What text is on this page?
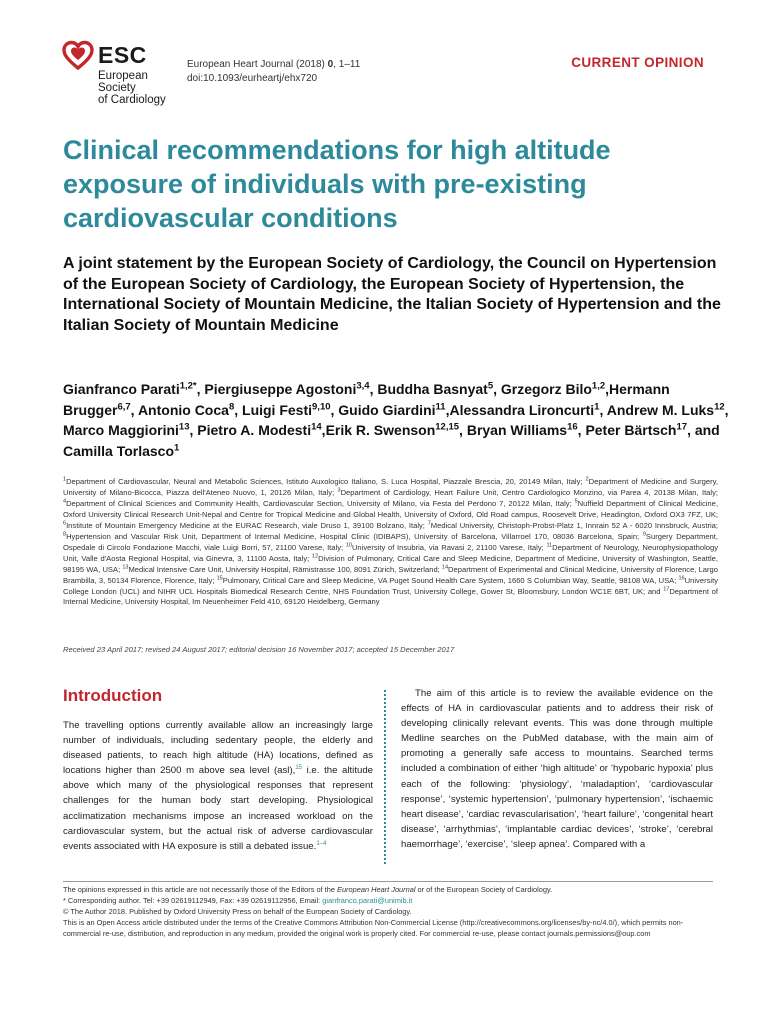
ESC
European Society
of Cardiology
European Heart Journal (2018) 0, 1–11
doi:10.1093/eurheartj/ehx720
CURRENT OPINION
Clinical recommendations for high altitude exposure of individuals with pre-existing cardiovascular conditions
A joint statement by the European Society of Cardiology, the Council on Hypertension of the European Society of Cardiology, the European Society of Hypertension, the International Society of Mountain Medicine, the Italian Society of Hypertension and the Italian Society of Mountain Medicine
Gianfranco Parati$^{1,2*}$, Piergiuseppe Agostoni$^{3,4}$, Buddha Basnyat$^5$, Grzegorz Bilo$^{1,2}$,Hermann Brugger$^{6,7}$, Antonio Coca$^8$, Luigi Festi$^{9,10}$, Guido Giardini$^{11}$,Alessandra Lironcurti$^1$, Andrew M. Luks$^{12}$, Marco Maggiorini$^{13}$, Pietro A. Modesti$^{14}$,Erik R. Swenson$^{12,15}$, Bryan Williams$^{16}$, Peter Bärtsch$^{17}$, and Camilla Torlasco$^1$
$^1$Department of Cardiovascular, Neural and Metabolic Sciences, Istituto Auxologico Italiano, S. Luca Hospital, Piazzale Brescia, 20, 20149 Milan, Italy; $^2$Department of Medicine and Surgery, University of Milano-Bicocca, Piazza dell'Ateneo Nuovo, 1, 20126 Milan, Italy; $^3$Department of Cardiology, Heart Failure Unit, Centro Cardiologico Monzino, via Parea 4, 20138 Milan, Italy; $^4$Department of Clinical Sciences and Community Health, Cardiovascular Section, University of Milano, via Festa del Perdono 7, 20122 Milan, Italy; $^5$Nuffield Department of Clinical Medicine, Oxford University Clinical Research Unit-Nepal and Centre for Tropical Medicine and Global Health, University of Oxford, Old Road campus, Roosevelt Drive, Headington, Oxford OX3 7FZ, UK; $^6$Institute of Mountain Emergency Medicine at the EURAC Research, viale Druso 1, 39100 Bolzano, Italy; $^7$Medical University, Christoph-Probst-Platz 1, Innrain 52 A - 6020 Innsbruck, Austria; $^8$Hypertension and Vascular Risk Unit, Department of Internal Medicine, Hospital Clinic (IDIBAPS), University of Barcelona, Villarroel 170, 08036 Barcelona, Spain; $^9$Surgery Department, Ospedale di Circolo Fondazione Macchi, viale Luigi Borri, 57, 21100 Varese, Italy; $^{10}$University of Insubria, via Ravasi 2, 21100 Varese, Italy; $^{11}$Department of Neurology, Neurophysiopathology Unit, Valle d'Aosta Regional Hospital, via Ginevra, 3, 11100 Aosta, Italy; $^{12}$Division of Pulmonary, Critical Care and Sleep Medicine, Department of Medicine, University of Washington, Seattle, 98195 WA, USA; $^{13}$Medical Intensive Care Unit, University Hospital, Rämistrasse 100, 8091 Zürich, Switzerland; $^{14}$Department of Experimental and Clinical Medicine, University of Florence, Largo Brambilla, 3, 50134 Florence, Florence, Italy; $^{15}$Pulmonary, Critical Care and Sleep Medicine, VA Puget Sound Health Care System, 1660 S Columbian Way, Seattle, 98108 WA, USA; $^{16}$University College London (UCL) and NIHR UCL Hospitals Biomedical Research Centre, NHS Foundation Trust, University College, Gower St, Bloomsbury, London WC1E 6BT, UK; and $^{17}$Department of Internal Medicine, University Hospital, Im Neuenheimer Feld 410, 69120 Heidelberg, Germany
Received 23 April 2017; revised 24 August 2017; editorial decision 16 November 2017; accepted 15 December 2017
Introduction
The travelling options currently available allow an increasingly large number of individuals, including sedentary people, the elderly and diseased patients, to reach high altitude (HA) locations, defined as locations higher than 2500 m above sea level (asl),$^{15}$ i.e. the altitude above which many of the physiological responses that represent challenges for the human body start developing. Physiological acclimatization mechanisms impose an increased workload on the cardiovascular system, but the actual risk of adverse cardiovascular events associated with HA exposure is still a debated issue.$^{1-4}$
The aim of this article is to review the available evidence on the effects of HA in cardiovascular patients and to address their risk of developing clinically relevant events. This was done through multiple Medline searches on the PubMed database, with the main aim of promoting a generally safe access to mountains. Searched terms included a combination of either ‘high altitude’ or ‘hypobaric hypoxia’ plus each of the following: ‘physiology’, ‘maladaption’, ‘cardiovascular response’, ‘systemic hypertension’, ‘pulmonary hypertension’, ‘ischaemic heart disease’, ‘cardiac revascularisation’, ‘heart failure’, ‘congenital heart disease’, ‘arrhythmias’, ‘implantable cardiac devices’, ‘stroke’, ‘cerebral haemorrhage’, ‘exercise’, ‘sleep apnea’. Compared with a

The opinions expressed in this article are not necessarily those of the Editors of the European Heart Journal or of the European Society of Cardiology.

* Corresponding author. Tel: +39 02619112949, Fax: +39 02619112956, Email: gianfranco.parati@unimib.it

© The Author 2018. Published by Oxford University Press on behalf of the European Society of Cardiology.

This is an Open Access article distributed under the terms of the Creative Commons Attribution Non-Commercial License (http://creativecommons.org/licenses/by-nc/4.0/), which permits non-commercial re-use, distribution, and reproduction in any medium, provided the original work is properly cited. For commercial re-use, please contact journals.permissions@oup.com
